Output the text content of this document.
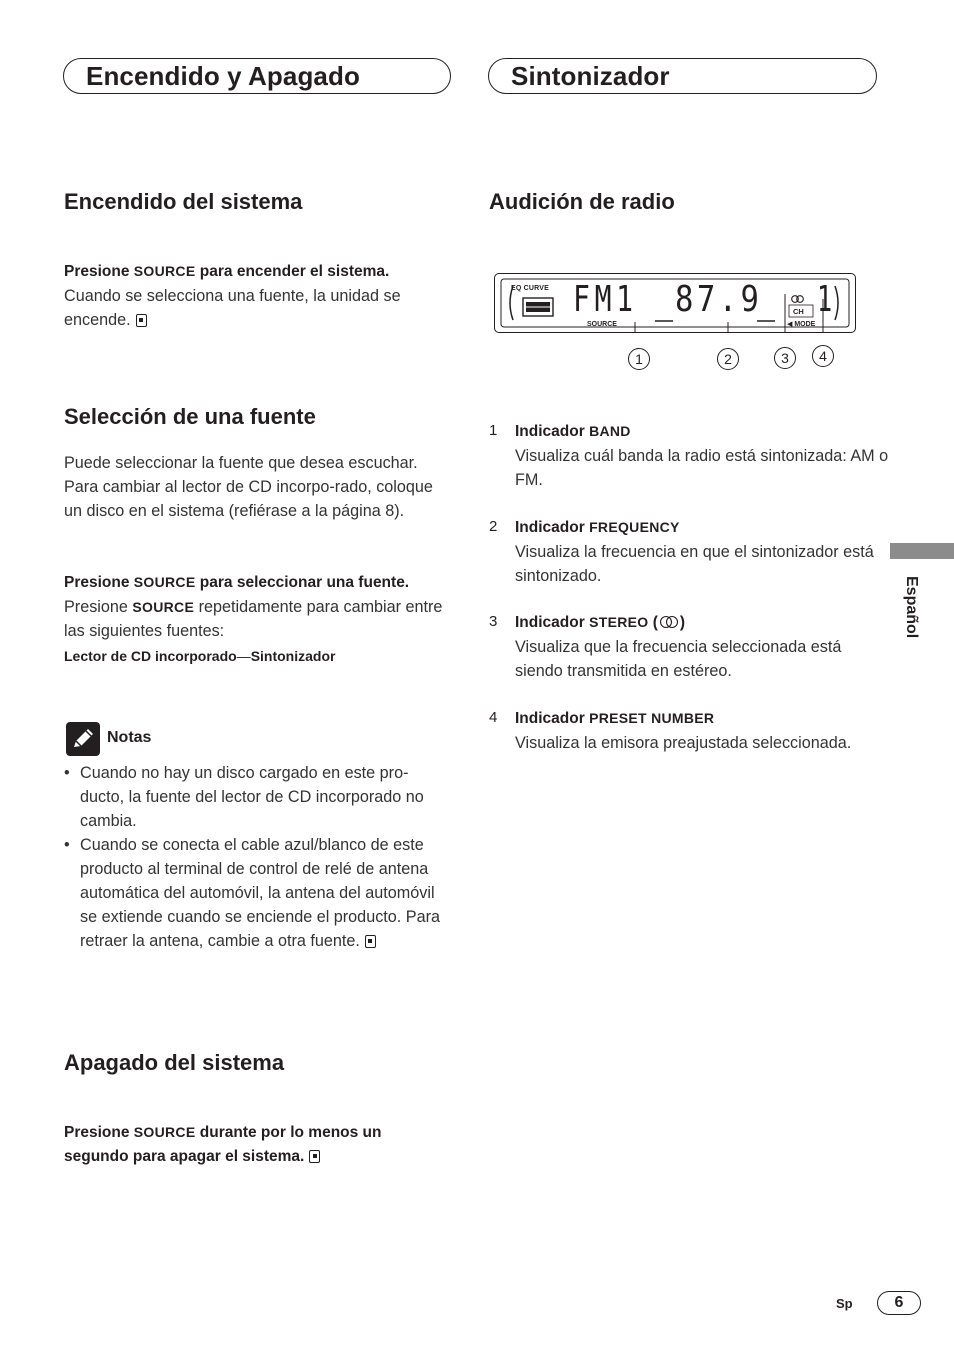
Encendido y Apagado	Sintonizador
Encendido del sistema
Presione SOURCE para encender el sistema.
Cuando se selecciona una fuente, la unidad se encende.
Selección de una fuente
Puede seleccionar la fuente que desea escuchar. Para cambiar al lector de CD incorpo-rado, coloque un disco en el sistema (refiérase a la página 8).
Presione SOURCE para seleccionar una fuente.
Presione SOURCE repetidamente para cambiar entre las siguientes fuentes:
Lector de CD incorporado—Sintonizador
Notas
• Cuando no hay un disco cargado en este pro-ducto, la fuente del lector de CD incorporado no cambia.
• Cuando se conecta el cable azul/blanco de este producto al terminal de control de relé de antena automática del automóvil, la antena del automóvil se extiende cuando se enciende el producto. Para retraer la antena, cambie a otra fuente.
Apagado del sistema
Presione SOURCE durante por lo menos un segundo para apagar el sistema.
Audición de radio
EQ CURVE FM1 87.9 1
SOURCE
CH
◀ MODE
1	2	3	4
1 Indicador BAND
Visualiza cuál banda la radio está sintonizada: AM o FM.
2 Indicador FREQUENCY
Visualiza la frecuencia en que el sintonizador está sintonizado.
3 Indicador STEREO ( )
Visualiza que la frecuencia seleccionada está siendo transmitida en estéreo.
4 Indicador PRESET NUMBER
Visualiza la emisora preajustada seleccionada.
Español
Sp	6
